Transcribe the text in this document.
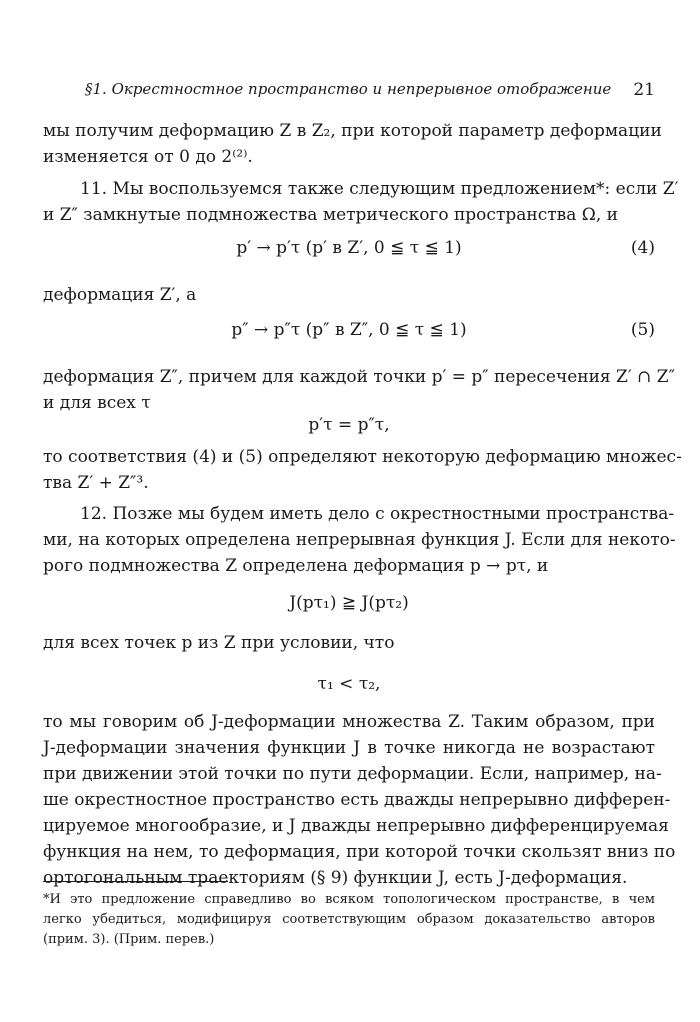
§1. Окрестностное пространство и непрерывное отображение 21
мы получим деформацию Z в Z₂, при которой параметр деформации
изменяется от 0 до 2⁽²⁾.
11. Мы воспользуемся также следующим предложением*: если Z′
и Z″ замкнутые подмножества метрического пространства Ω, и
p′ → p′τ (p′ в Z′, 0 ≦ τ ≦ 1)	(4)
деформация Z′, а
p″ → p″τ (p″ в Z″, 0 ≦ τ ≦ 1)	(5)
деформация Z″, причем для каждой точки p′ = p″ пересечения Z′ ∩ Z″
и для всех τ
p′τ = p″τ,
то соответствия (4) и (5) определяют некоторую деформацию множес-
тва Z′ + Z″³.
12. Позже мы будем иметь дело с окрестностными пространства-
ми, на которых определена непрерывная функция J. Если для некото-
рого подмножества Z определена деформация p → pτ, и
J(pτ₁) ≧ J(pτ₂)
для всех точек p из Z при условии, что
τ₁ < τ₂,
то мы говорим об J-деформации множества Z. Таким образом, при
J-деформации значения функции J в точке никогда не возрастают
при движении этой точки по пути деформации. Если, например, на-
ше окрестностное пространство есть дважды непрерывно дифферен-
цируемое многообразие, и J дважды непрерывно дифференцируемая
функция на нем, то деформация, при которой точки скользят вниз по
ортогональным траекториям (§ 9) функции J, есть J-деформация.
*И это предложение справедливо во всяком топологическом пространстве, в чем
легко убедиться, модифицируя соответствующим образом доказательство авторов
(прим. 3). (Прим. перев.)
